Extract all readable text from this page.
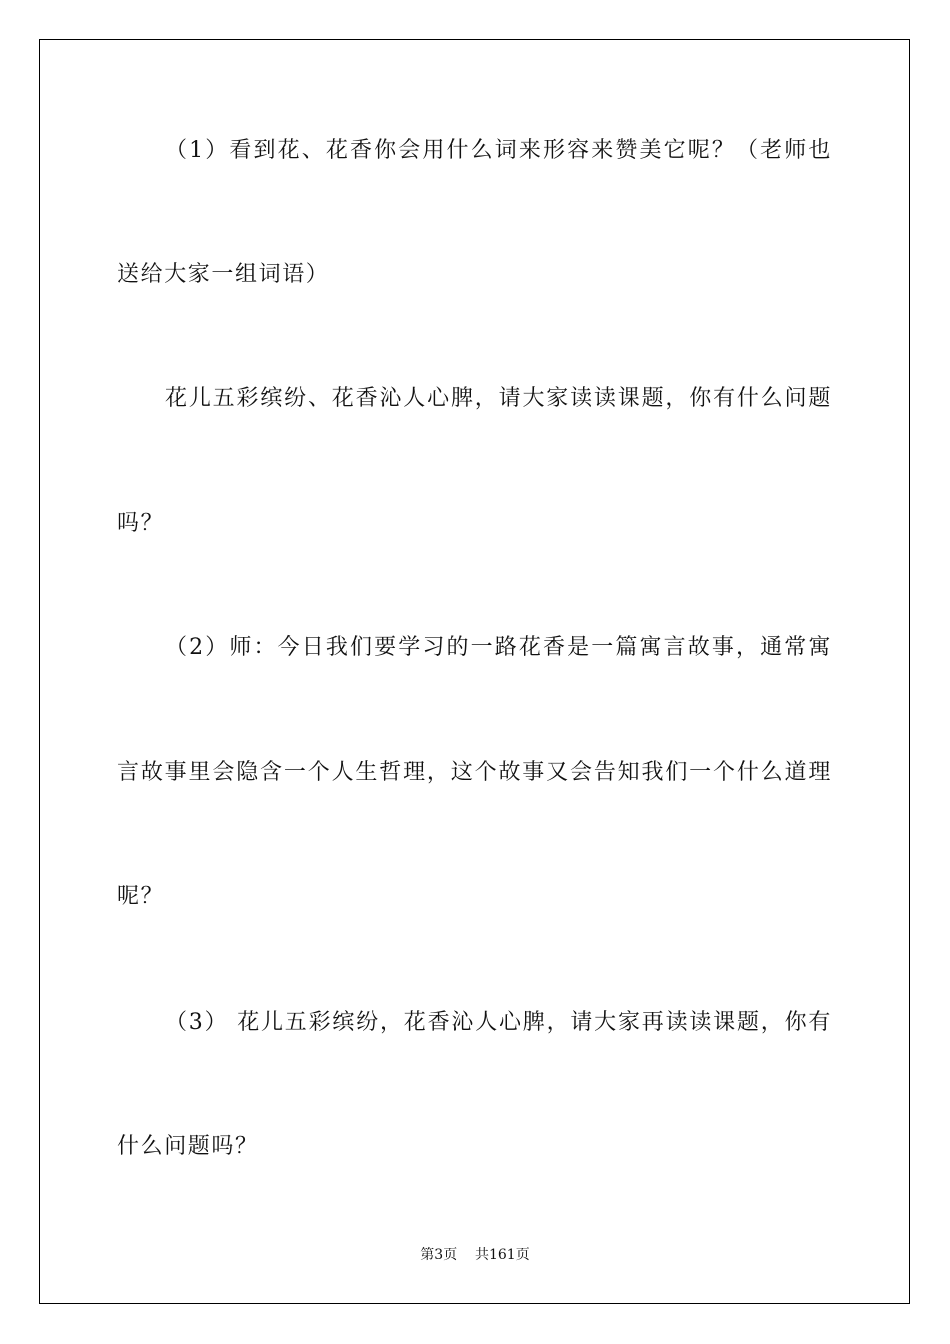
（1）看到花、花香你会用什么词来形容来赞美它呢？（老师也
送给大家一组词语）
花儿五彩缤纷、花香沁人心脾，请大家读读课题，你有什么问题
吗？
（2）师：今日我们要学习的一路花香是一篇寓言故事，通常寓
言故事里会隐含一个人生哲理，这个故事又会告知我们一个什么道理
呢？
（3） 花儿五彩缤纷，花香沁人心脾，请大家再读读课题，你有
什么问题吗？
第3页    共161页
